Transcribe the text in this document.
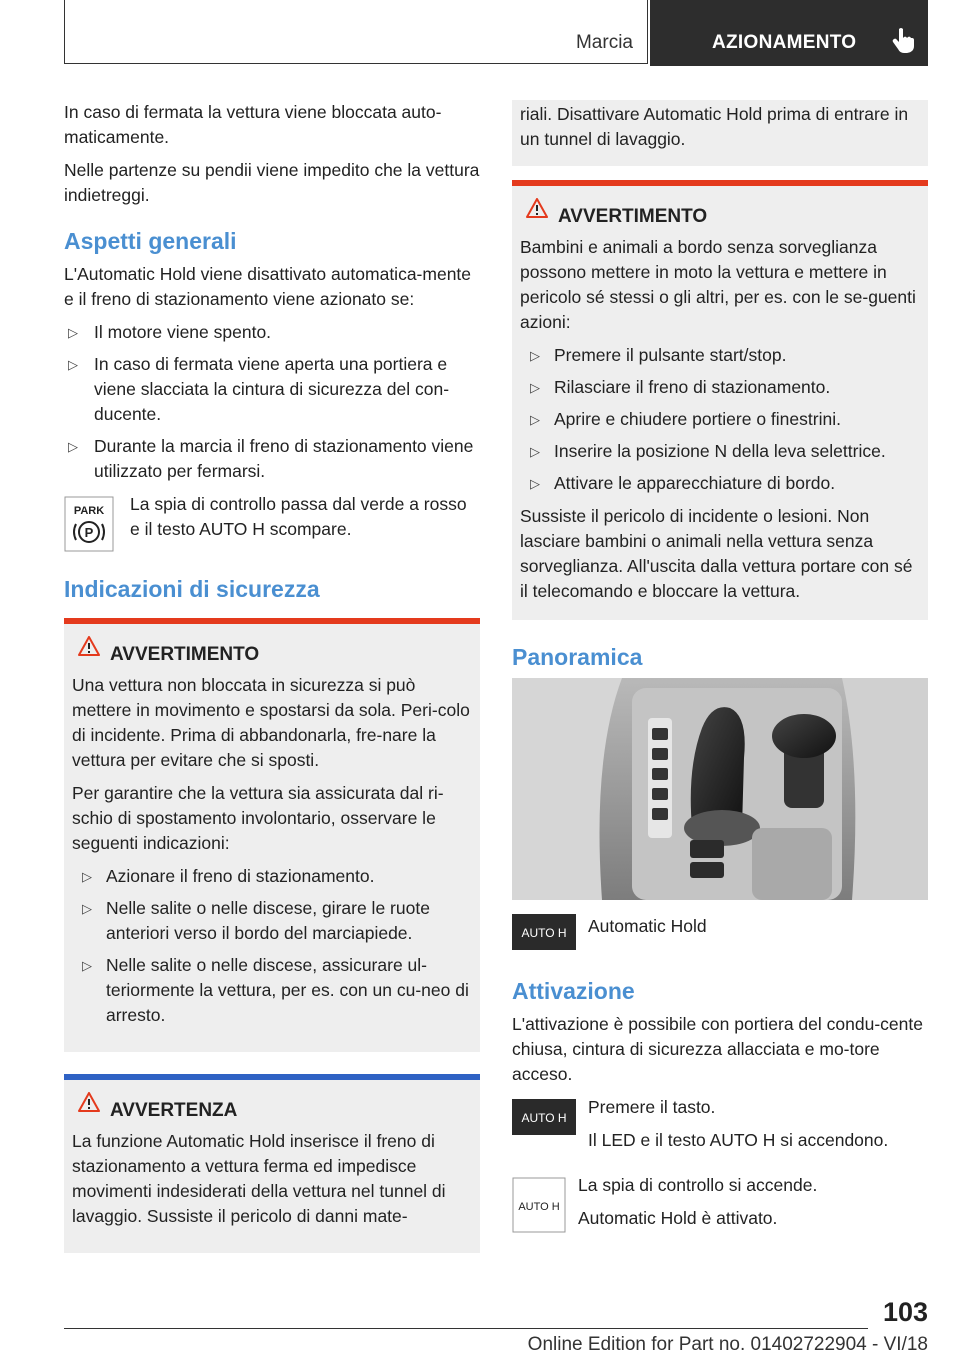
Marcia	AZIONAMENTO

In caso di fermata la vettura viene bloccata auto-maticamente.

Nelle partenze su pendii viene impedito che la vettura indietreggi.

Aspetti generali

L'Automatic Hold viene disattivato automatica-mente e il freno di stazionamento viene azionato se:

▷ Il motore viene spento.
▷ In caso di fermata viene aperta una portiera e viene slacciata la cintura di sicurezza del con-ducente.
▷ Durante la marcia il freno di stazionamento viene utilizzato per fermarsi.
PARK
P

La spia di controllo passa dal verde a rosso e il testo AUTO H scompare.

Indicazioni di sicurezza
AVVERTIMENTO

Una vettura non bloccata in sicurezza si può mettere in movimento e spostarsi da sola. Peri-colo di incidente. Prima di abbandonarla, fre-nare la vettura per evitare che si sposti.

Per garantire che la vettura sia assicurata dal ri-schio di spostamento involontario, osservare le seguenti indicazioni:

▷ Azionare il freno di stazionamento.
▷ Nelle salite o nelle discese, girare le ruote anteriori verso il bordo del marciapiede.
▷ Nelle salite o nelle discese, assicurare ul-teriormente la vettura, per es. con un cu-neo di arresto.
AVVERTENZA

La funzione Automatic Hold inserisce il freno di stazionamento a vettura ferma ed impedisce movimenti indesiderati della vettura nel tunnel di lavaggio. Sussiste il pericolo di danni mate-

riali. Disattivare Automatic Hold prima di entrare in un tunnel di lavaggio.

AVVERTIMENTO

Bambini e animali a bordo senza sorveglianza possono mettere in moto la vettura e mettere in pericolo sé stessi o gli altri, per es. con le se-guenti azioni:

▷ Premere il pulsante start/stop.
▷ Rilasciare il freno di stazionamento.
▷ Aprire e chiudere portiere o finestrini.
▷ Inserire la posizione N della leva selettrice.
▷ Attivare le apparecchiature di bordo.

Sussiste il pericolo di incidente o lesioni. Non lasciare bambini o animali nella vettura senza sorveglianza. All'uscita dalla vettura portare con sé il telecomando e bloccare la vettura.

Panoramica
AUTO H Automatic Hold

Attivazione

L'attivazione è possibile con portiera del condu-cente chiusa, cintura di sicurezza allacciata e mo-tore acceso.

AUTO H

Premere il tasto.

Il LED e il testo AUTO H si accendono.

AUTO H

La spia di controllo si accende.

Automatic Hold è attivato.

103
Online Edition for Part no. 01402722904 - VI/18
